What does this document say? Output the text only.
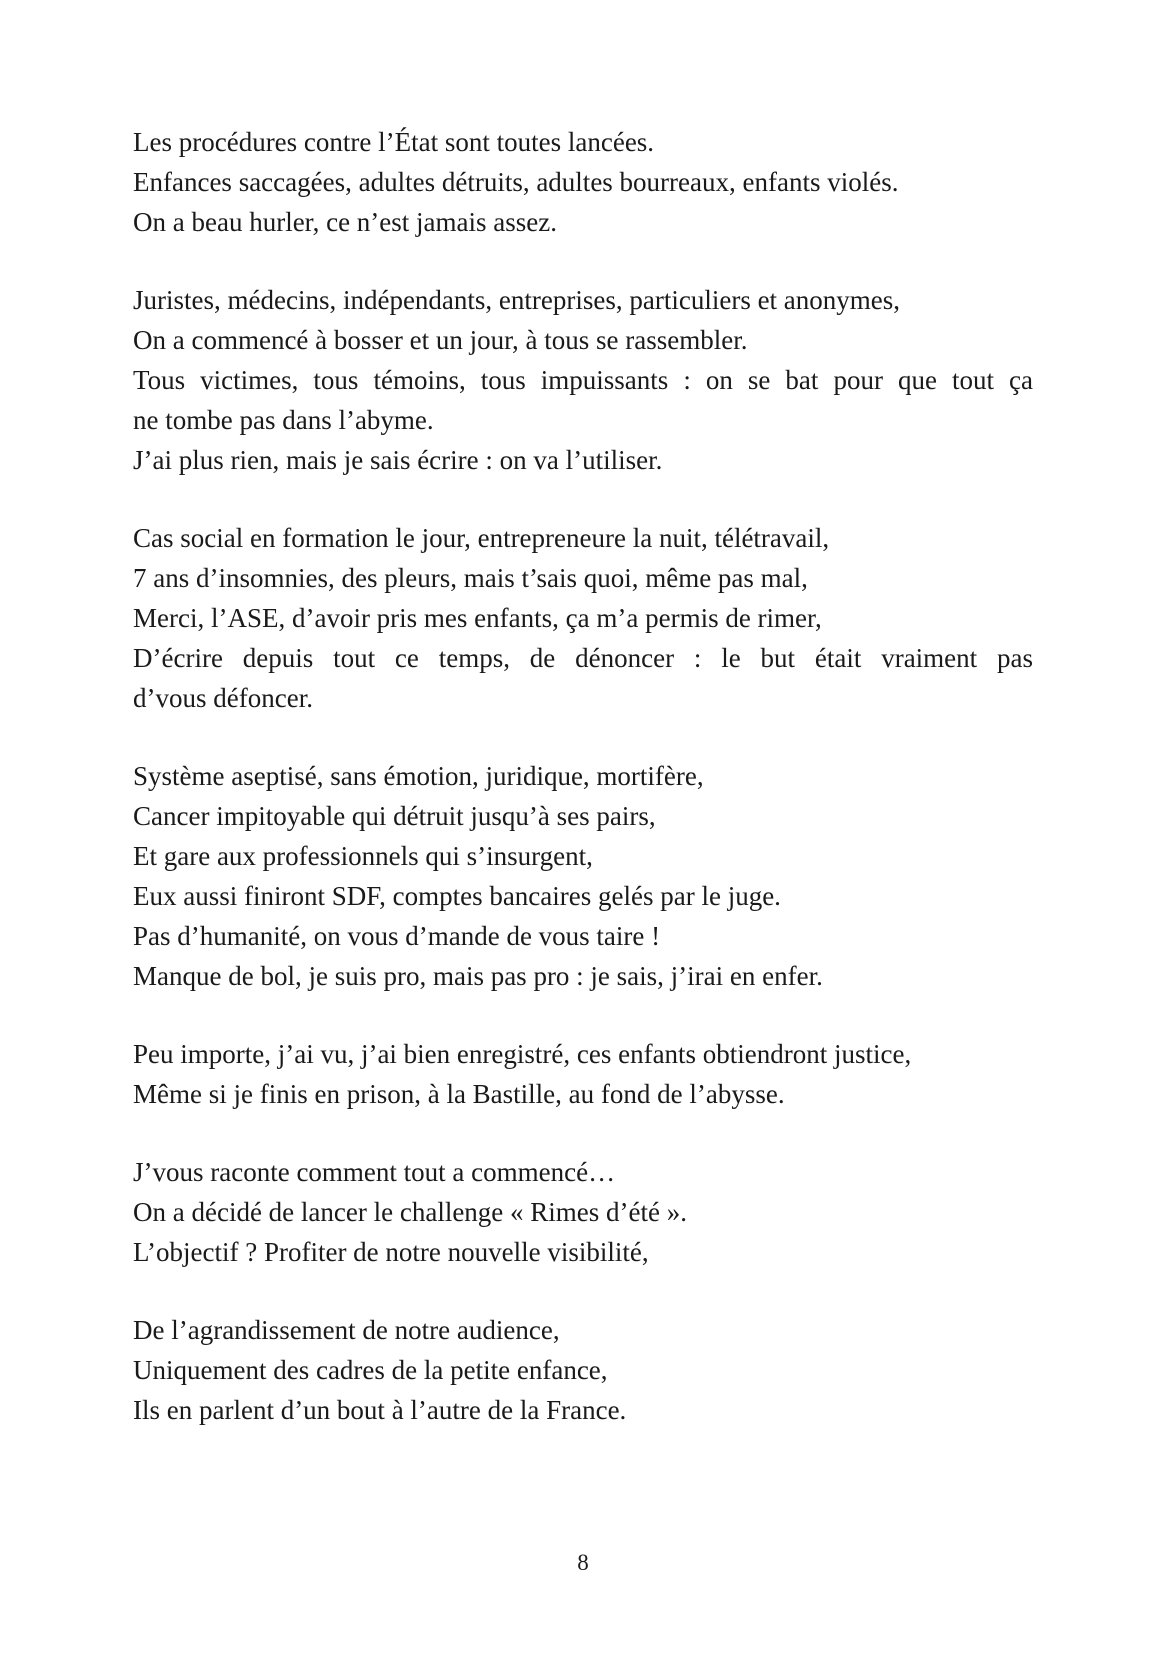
Les procédures contre l’État sont toutes lancées.
Enfances saccagées, adultes détruits, adultes bourreaux, enfants violés.
On a beau hurler, ce n’est jamais assez.
Juristes, médecins, indépendants, entreprises, particuliers et anonymes,
On a commencé à bosser et un jour, à tous se rassembler.
Tous victimes, tous témoins, tous impuissants : on se bat pour que tout ça
ne tombe pas dans l’abyme.
J’ai plus rien, mais je sais écrire : on va l’utiliser.
Cas social en formation le jour, entrepreneure la nuit, télétravail,
7 ans d’insomnies, des pleurs, mais t’sais quoi, même pas mal,
Merci, l’ASE, d’avoir pris mes enfants, ça m’a permis de rimer,
D’écrire depuis tout ce temps, de dénoncer : le but était vraiment pas
d’vous défoncer.
Système aseptisé, sans émotion, juridique, mortifère,
Cancer impitoyable qui détruit jusqu’à ses pairs,
Et gare aux professionnels qui s’insurgent,
Eux aussi finiront SDF, comptes bancaires gelés par le juge.
Pas d’humanité, on vous d’mande de vous taire !
Manque de bol, je suis pro, mais pas pro : je sais, j’irai en enfer.
Peu importe, j’ai vu, j’ai bien enregistré, ces enfants obtiendront justice,
Même si je finis en prison, à la Bastille, au fond de l’abysse.
J’vous raconte comment tout a commencé…
On a décidé de lancer le challenge « Rimes d’été ».
L’objectif ? Profiter de notre nouvelle visibilité,
De l’agrandissement de notre audience,
Uniquement des cadres de la petite enfance,
Ils en parlent d’un bout à l’autre de la France.
8
